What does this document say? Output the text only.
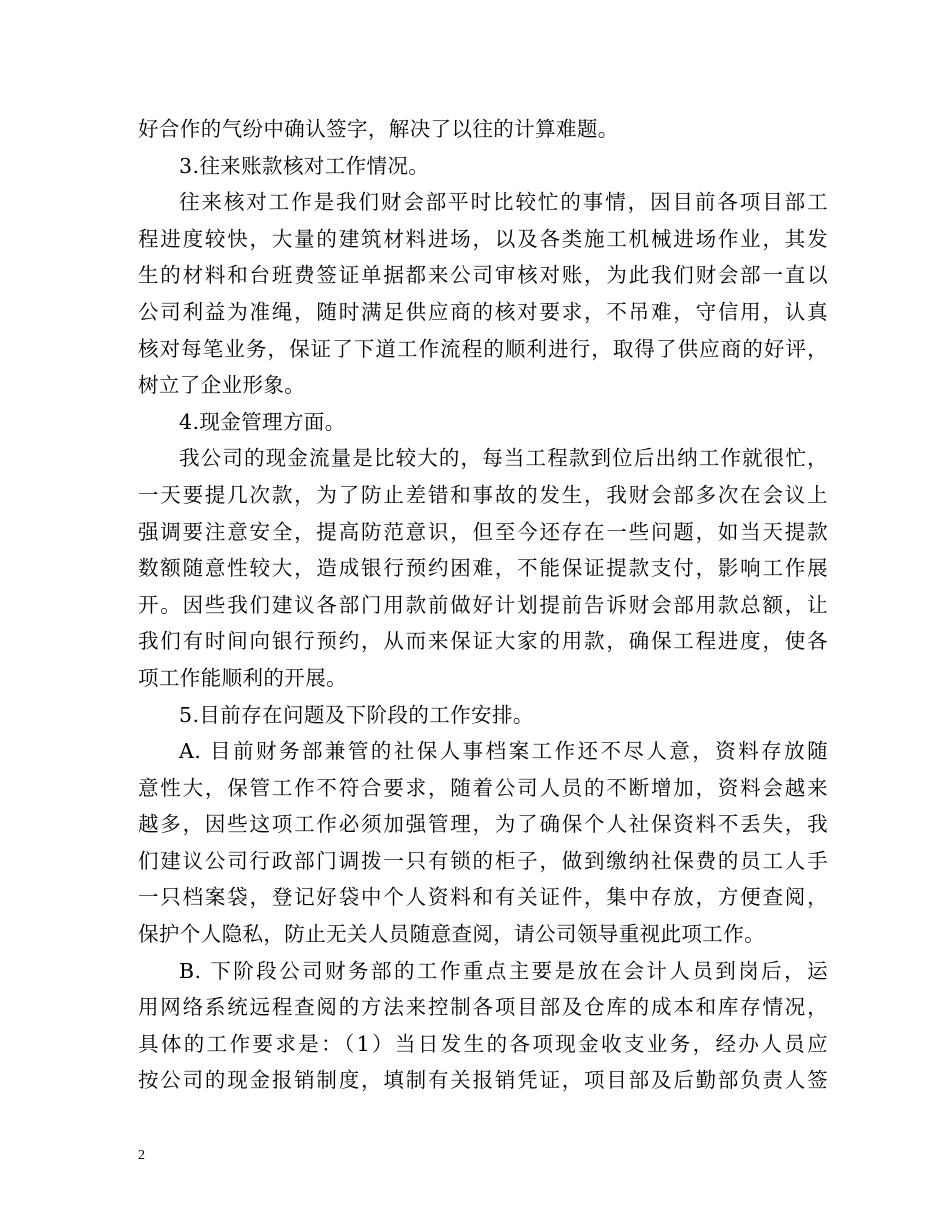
好合作的气纷中确认签字，解决了以往的计算难题。
3.往来账款核对工作情况。
往来核对工作是我们财会部平时比较忙的事情，因目前各项目部工
程进度较快，大量的建筑材料进场，以及各类施工机械进场作业，其发
生的材料和台班费签证单据都来公司审核对账，为此我们财会部一直以
公司利益为准绳，随时满足供应商的核对要求，不吊难，守信用，认真
核对每笔业务，保证了下道工作流程的顺利进行，取得了供应商的好评，
树立了企业形象。
4.现金管理方面。
我公司的现金流量是比较大的，每当工程款到位后出纳工作就很忙，
一天要提几次款，为了防止差错和事故的发生，我财会部多次在会议上
强调要注意安全，提高防范意识，但至今还存在一些问题，如当天提款
数额随意性较大，造成银行预约困难，不能保证提款支付，影响工作展
开。因些我们建议各部门用款前做好计划提前告诉财会部用款总额，让
我们有时间向银行预约，从而来保证大家的用款，确保工程进度，使各
项工作能顺利的开展。
5.目前存在问题及下阶段的工作安排。
A. 目前财务部兼管的社保人事档案工作还不尽人意，资料存放随
意性大，保管工作不符合要求，随着公司人员的不断增加，资料会越来
越多，因些这项工作必须加强管理，为了确保个人社保资料不丢失，我
们建议公司行政部门调拨一只有锁的柜子，做到缴纳社保费的员工人手
一只档案袋，登记好袋中个人资料和有关证件，集中存放，方便查阅，
保护个人隐私，防止无关人员随意查阅，请公司领导重视此项工作。
B. 下阶段公司财务部的工作重点主要是放在会计人员到岗后，运
用网络系统远程查阅的方法来控制各项目部及仓库的成本和库存情况，
具体的工作要求是：（1）当日发生的各项现金收支业务，经办人员应
按公司的现金报销制度，填制有关报销凭证，项目部及后勤部负责人签
2
